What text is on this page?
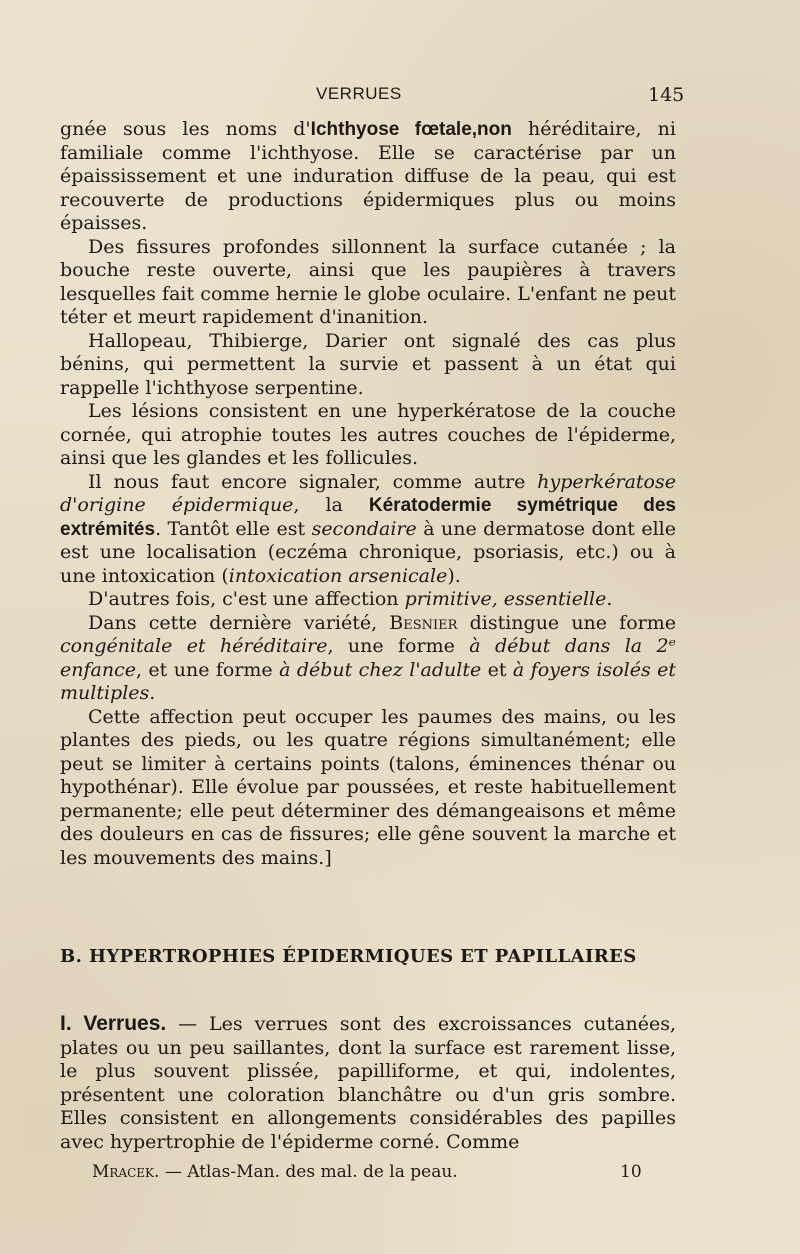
VERRUES	145

gnée sous les noms d'Ichthyose fœtale,non héréditaire, ni familiale comme l'ichthyose. Elle se caractérise par un épaississement et une induration diffuse de la peau, qui est recouverte de productions épidermiques plus ou moins épaisses.

Des fissures profondes sillonnent la surface cutanée ; la bouche reste ouverte, ainsi que les paupières à travers lesquelles fait comme hernie le globe oculaire. L'enfant ne peut téter et meurt rapidement d'inanition.

Hallopeau, Thibierge, Darier ont signalé des cas plus bénins, qui permettent la survie et passent à un état qui rappelle l'ichthyose serpentine.

Les lésions consistent en une hyperkératose de la couche cornée, qui atrophie toutes les autres couches de l'épiderme, ainsi que les glandes et les follicules.

Il nous faut encore signaler, comme autre hyperkératose d'origine épidermique, la Kératodermie symétrique des extrémités. Tantôt elle est secondaire à une dermatose dont elle est une localisation (eczéma chronique, psoriasis, etc.) ou à une intoxication (intoxication arsenicale).

D'autres fois, c'est une affection primitive, essentielle.

Dans cette dernière variété, Besnier distingue une forme congénitale et héréditaire, une forme à début dans la 2ᵉ enfance, et une forme à début chez l'adulte et à foyers isolés et multiples.

Cette affection peut occuper les paumes des mains, ou les plantes des pieds, ou les quatre régions simultanément; elle peut se limiter à certains points (talons, éminences thénar ou hypothénar). Elle évolue par poussées, et reste habituellement permanente; elle peut déterminer des démangeaisons et même des douleurs en cas de fissures; elle gêne souvent la marche et les mouvements des mains.]

B. HYPERTROPHIES ÉPIDERMIQUES ET PAPILLAIRES

I. Verrues. — Les verrues sont des excroissances cutanées, plates ou un peu saillantes, dont la surface est rarement lisse, le plus souvent plissée, papilliforme, et qui, indolentes, présentent une coloration blanchâtre ou d'un gris sombre. Elles consistent en allongements considérables des papilles avec hypertrophie de l'épiderme corné. Comme

Mracek. — Atlas-Man. des mal. de la peau.	10
